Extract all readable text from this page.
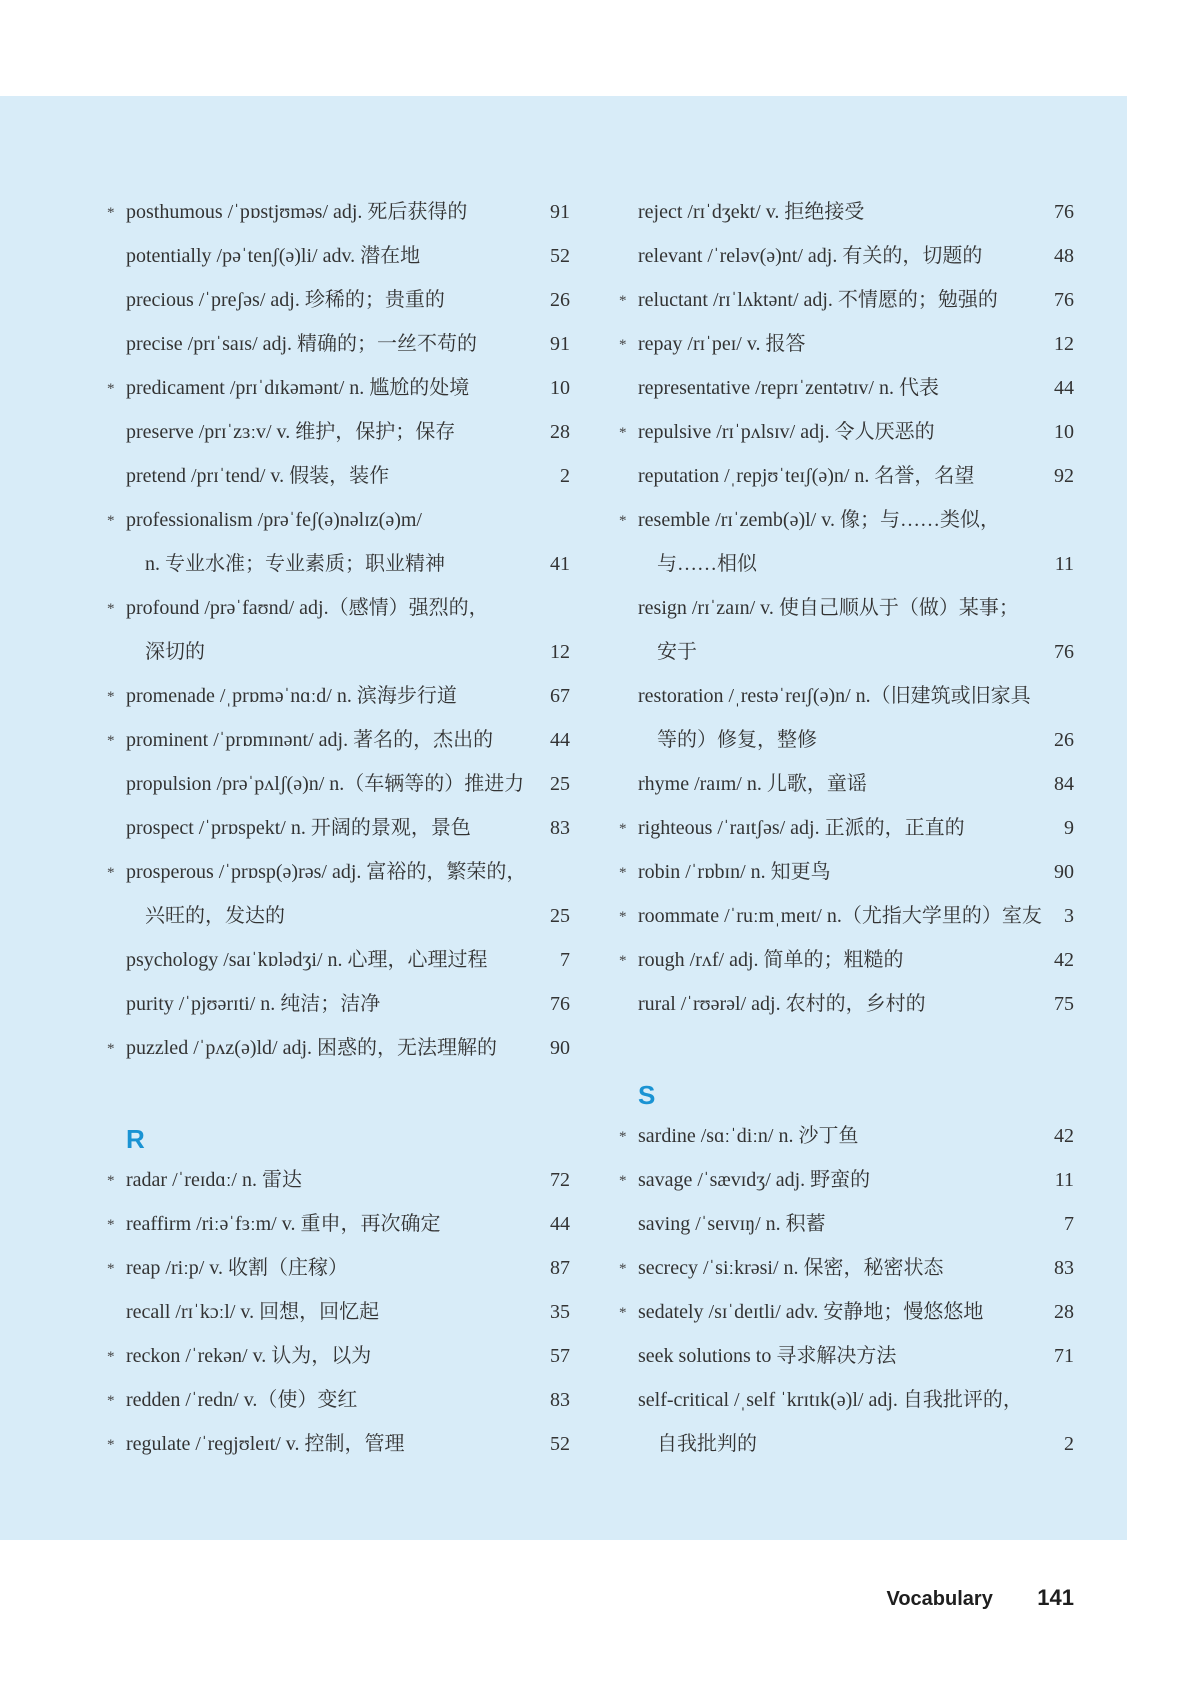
* posthumous /ˈpɒstjʊməs/ adj. 死后获得的	91
potentially /pəˈtenʃ(ə)li/ adv. 潜在地	52
precious /ˈpreʃəs/ adj. 珍稀的；贵重的	26
precise /prɪˈsaɪs/ adj. 精确的；一丝不苟的	91
* predicament /prɪˈdɪkəmənt/ n. 尴尬的处境	10
preserve /prɪˈzɜːv/ v. 维护，保护；保存	28
pretend /prɪˈtend/ v. 假装，装作	2
* professionalism /prəˈfeʃ(ə)nəlɪz(ə)m/
n. 专业水准；专业素质；职业精神	41
* profound /prəˈfaʊnd/ adj.（感情）强烈的，
深切的	12
* promenade /ˌprɒməˈnɑːd/ n. 滨海步行道	67
* prominent /ˈprɒmɪnənt/ adj. 著名的，杰出的	44
propulsion /prəˈpʌlʃ(ə)n/ n.（车辆等的）推进力 25
prospect /ˈprɒspekt/ n. 开阔的景观，景色	83
* prosperous /ˈprɒsp(ə)rəs/ adj. 富裕的，繁荣的，
兴旺的，发达的	25
psychology /saɪˈkɒlədʒi/ n. 心理，心理过程	7
purity /ˈpjʊərɪti/ n. 纯洁；洁净	76
* puzzled /ˈpʌz(ə)ld/ adj. 困惑的，无法理解的	90
R
* radar /ˈreɪdɑː/ n. 雷达	72
* reaffirm /riːəˈfɜːm/ v. 重申，再次确定	44
* reap /riːp/ v. 收割（庄稼）	87
recall /rɪˈkɔːl/ v. 回想，回忆起	35
* reckon /ˈrekən/ v. 认为，以为	57
* redden /ˈredn/ v.（使）变红	83
* regulate /ˈreɡjʊleɪt/ v. 控制，管理	52
reject /rɪˈdʒekt/ v. 拒绝接受	76
relevant /ˈreləv(ə)nt/ adj. 有关的，切题的	48
* reluctant /rɪˈlʌktənt/ adj. 不情愿的；勉强的	76
* repay /rɪˈpeɪ/ v. 报答	12
representative /reprɪˈzentətɪv/ n. 代表	44
* repulsive /rɪˈpʌlsɪv/ adj. 令人厌恶的	10
reputation /ˌrepjʊˈteɪʃ(ə)n/ n. 名誉，名望	92
* resemble /rɪˈzemb(ə)l/ v. 像；与……类似，
与……相似	11
resign /rɪˈzaɪn/ v. 使自己顺从于（做）某事；
安于	76
restoration /ˌrestəˈreɪʃ(ə)n/ n.（旧建筑或旧家具
等的）修复，整修	26
rhyme /raɪm/ n. 儿歌，童谣	84
* righteous /ˈraɪtʃəs/ adj. 正派的，正直的	9
* robin /ˈrɒbɪn/ n. 知更鸟	90
* roommate /ˈruːmˌmeɪt/ n.（尤指大学里的）室友 3
* rough /rʌf/ adj. 简单的；粗糙的	42
rural /ˈrʊərəl/ adj. 农村的，乡村的	75
S
* sardine /sɑːˈdiːn/ n. 沙丁鱼	42
* savage /ˈsævɪdʒ/ adj. 野蛮的	11
saving /ˈseɪvɪŋ/ n. 积蓄	7
* secrecy /ˈsiːkrəsi/ n. 保密，秘密状态	83
* sedately /sɪˈdeɪtli/ adv. 安静地；慢悠悠地	28
seek solutions to 寻求解决方法	71
self-critical /ˌself ˈkrɪtɪk(ə)l/ adj. 自我批评的，
自我批判的	2
Vocabulary 141
